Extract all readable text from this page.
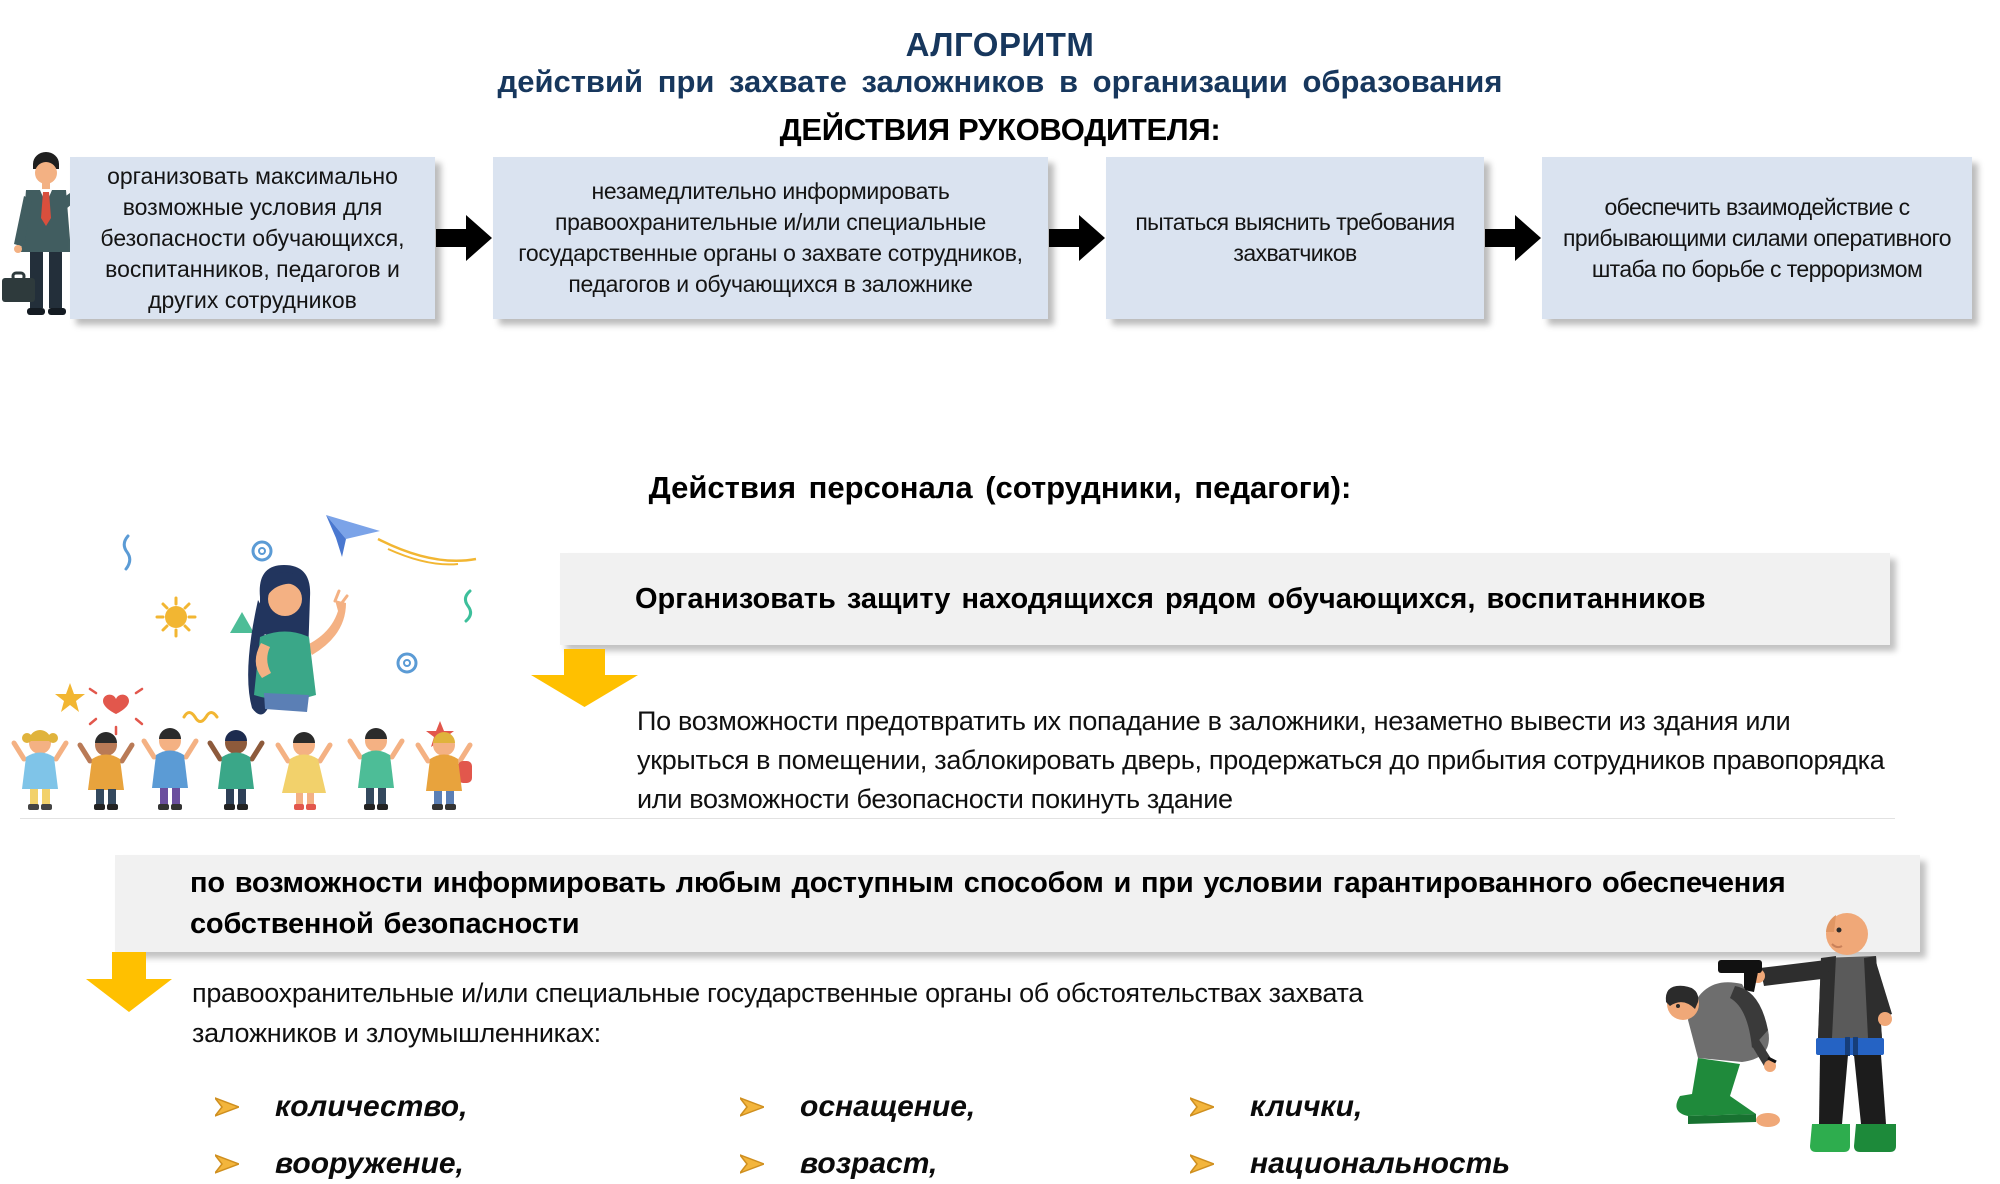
АЛГОРИТМ
действий при захвате заложников в организации образования
ДЕЙСТВИЯ РУКОВОДИТЕЛЯ:
организовать максимально возможные условия для безопасности обучающихся, воспитанников, педагогов и других сотрудников
незамедлительно информировать правоохранительные и/или специальные государственные органы о захвате сотрудников, педагогов и обучающихся в заложнике
пытаться выяснить требования захватчиков
обеспечить взаимодействие с прибывающими силами оперативного штаба по борьбе с терроризмом
Действия персонала (сотрудники, педагоги):
Организовать защиту находящихся рядом обучающихся, воспитанников
По возможности предотвратить их попадание в заложники, незаметно вывести из здания или укрыться в помещении, заблокировать дверь, продержаться до прибытия сотрудников правопорядка или возможности безопасности покинуть здание
по возможности информировать любым доступным способом и при условии гарантированного обеспечения собственной безопасности
правоохранительные и/или специальные государственные органы об обстоятельствах захвата заложников и злоумышленниках:
количество,	оснащение,	клички,
вооружение,	возраст,	национальность
